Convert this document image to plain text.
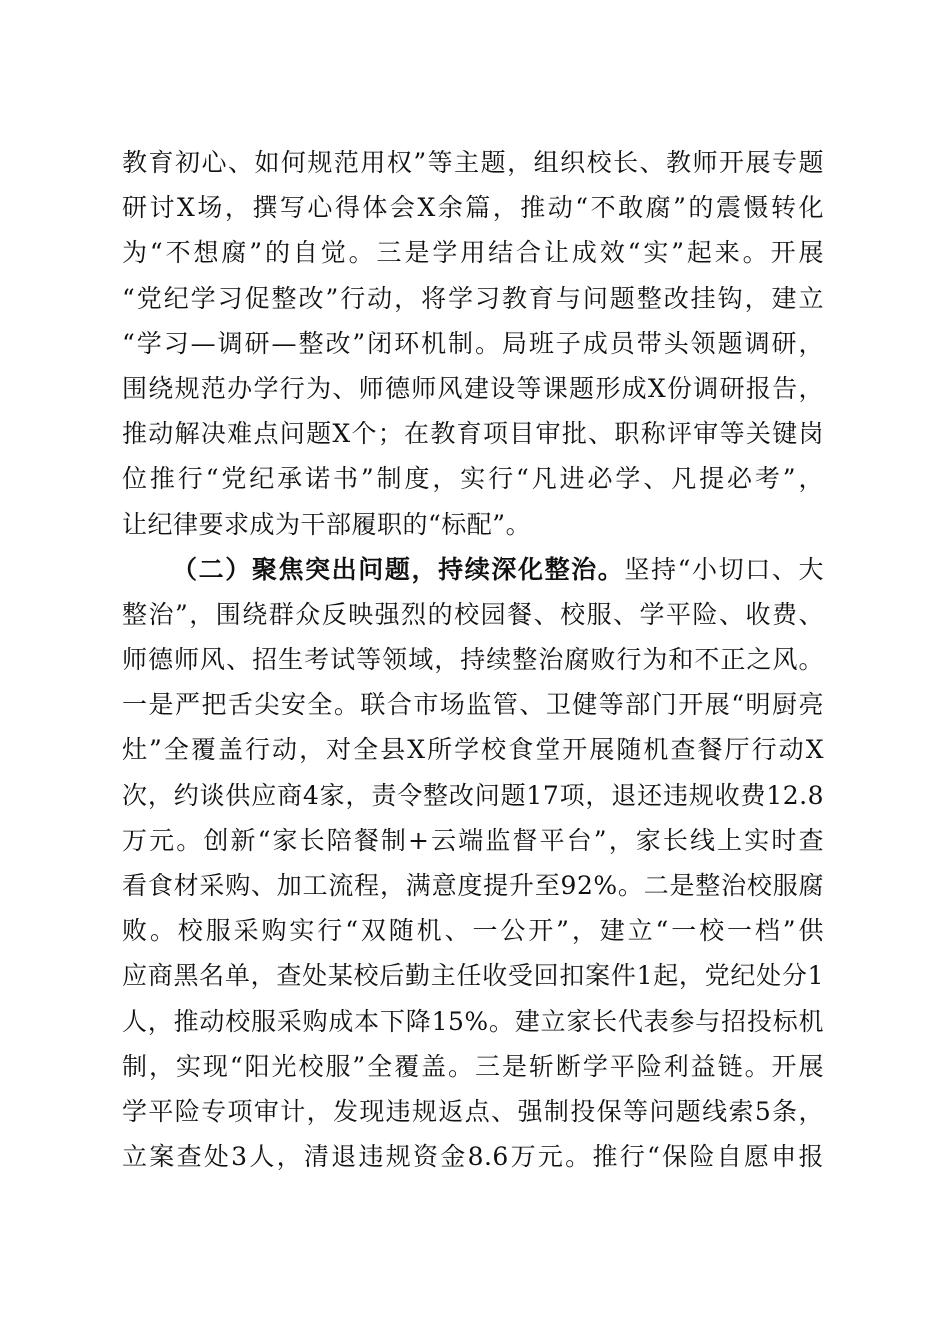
教育初心、如何规范用权”等主题，组织校长、教师开展专题
研讨X场，撰写心得体会X余篇，推动“不敢腐”的震慑转化
为“不想腐”的自觉。三是学用结合让成效“实”起来。开展
“党纪学习促整改”行动，将学习教育与问题整改挂钩，建立
“学习—调研—整改”闭环机制。局班子成员带头领题调研，
围绕规范办学行为、师德师风建设等课题形成X份调研报告，
推动解决难点问题X个；在教育项目审批、职称评审等关键岗
位推行“党纪承诺书”制度，实行“凡进必学、凡提必考”，
让纪律要求成为干部履职的“标配”。
（二）聚焦突出问题，持续深化整治。坚持“小切口、大
整治”，围绕群众反映强烈的校园餐、校服、学平险、收费、
师德师风、招生考试等领域，持续整治腐败行为和不正之风。
一是严把舌尖安全。联合市场监管、卫健等部门开展“明厨亮
灶”全覆盖行动，对全县X所学校食堂开展随机查餐厅行动X
次，约谈供应商4家，责令整改问题17项，退还违规收费12.8
万元。创新“家长陪餐制+云端监督平台”，家长线上实时查
看食材采购、加工流程，满意度提升至92%。二是整治校服腐
败。校服采购实行“双随机、一公开”，建立“一校一档”供
应商黑名单，查处某校后勤主任收受回扣案件1起，党纪处分1
人，推动校服采购成本下降15%。建立家长代表参与招投标机
制，实现“阳光校服”全覆盖。三是斩断学平险利益链。开展
学平险专项审计，发现违规返点、强制投保等问题线索5条，
立案查处3人，清退违规资金8.6万元。推行“保险自愿申报
